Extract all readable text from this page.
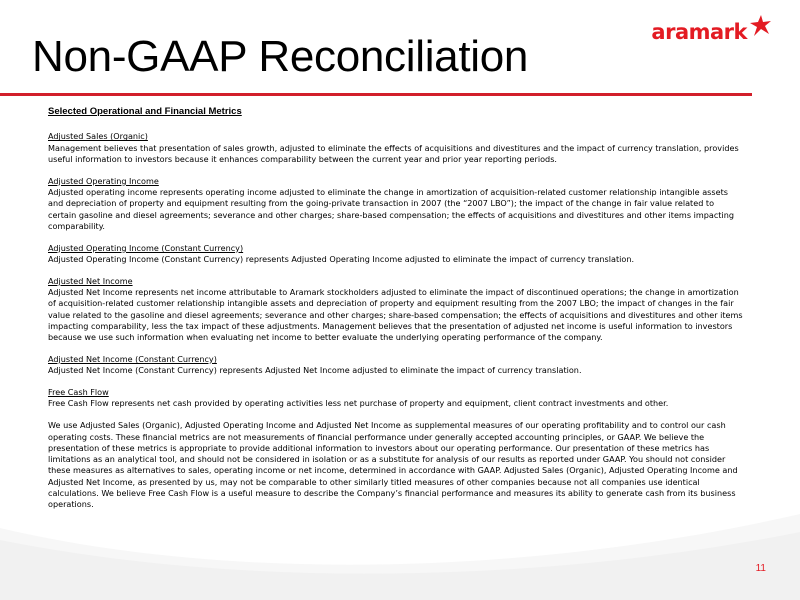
aramark
Non-GAAP Reconciliation

Selected Operational and Financial Metrics

Adjusted Sales (Organic)

Management believes that presentation of sales growth, adjusted to eliminate the effects of acquisitions and divestitures and the impact of currency translation, provides useful information to investors because it enhances comparability between the current year and prior year reporting periods.

Adjusted Operating Income

Adjusted operating income represents operating income adjusted to eliminate the change in amortization of acquisition-related customer relationship intangible assets and depreciation of property and equipment resulting from the going-private transaction in 2007 (the “2007 LBO”); the impact of the change in fair value related to certain gasoline and diesel agreements; severance and other charges; share-based compensation; the effects of acquisitions and divestitures and other items impacting comparability.

Adjusted Operating Income (Constant Currency)

Adjusted Operating Income (Constant Currency) represents Adjusted Operating Income adjusted to eliminate the impact of currency translation.

Adjusted Net Income

Adjusted Net Income represents net income attributable to Aramark stockholders adjusted to eliminate the impact of discontinued operations; the change in amortization of acquisition-related customer relationship intangible assets and depreciation of property and equipment resulting from the 2007 LBO; the impact of changes in the fair value related to the gasoline and diesel agreements; severance and other charges; share-based compensation; the effects of acquisitions and divestitures and other items impacting comparability, less the tax impact of these adjustments. Management believes that the presentation of adjusted net income is useful information to investors because we use such information when evaluating net income to better evaluate the underlying operating performance of the company.

Adjusted Net Income (Constant Currency)

Adjusted Net Income (Constant Currency) represents Adjusted Net Income adjusted to eliminate the impact of currency translation.

Free Cash Flow

Free Cash Flow represents net cash provided by operating activities less net purchase of property and equipment, client contract investments and other.

We use Adjusted Sales (Organic), Adjusted Operating Income and Adjusted Net Income as supplemental measures of our operating profitability and to control our cash operating costs. These financial metrics are not measurements of financial performance under generally accepted accounting principles, or GAAP. We believe the presentation of these metrics is appropriate to provide additional information to investors about our operating performance. Our presentation of these metrics has limitations as an analytical tool, and should not be considered in isolation or as a substitute for analysis of our results as reported under GAAP. You should not consider these measures as alternatives to sales, operating income or net income, determined in accordance with GAAP. Adjusted Sales (Organic), Adjusted Operating Income and Adjusted Net Income, as presented by us, may not be comparable to other similarly titled measures of other companies because not all companies use identical calculations. We believe Free Cash Flow is a useful measure to describe the Company’s financial performance and measures its ability to generate cash from its business operations.

11
